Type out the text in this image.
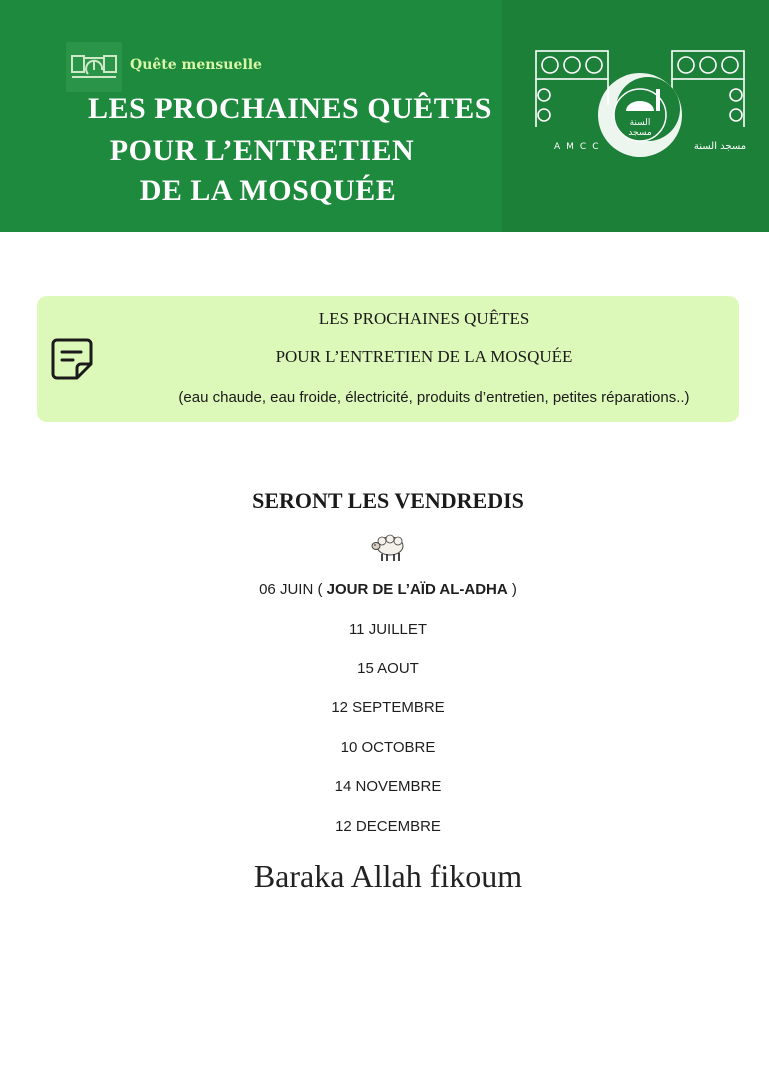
Quête mensuelle
LES PROCHAINES QUÊTES
POUR L’ENTRETIEN
DE LA MOSQUÉE
السنة
مسجد
AMCC	مسجد السنة
LES PROCHAINES QUÊTES
POUR L’ENTRETIEN DE LA MOSQUÉE
(eau chaude, eau froide, électricité, produits d’entretien, petites réparations..)
SERONT LES VENDREDIS
06 JUIN ( JOUR DE L’AÏD AL-ADHA )
11 JUILLET
15 AOUT
12 SEPTEMBRE
10 OCTOBRE
14 NOVEMBRE
12 DECEMBRE
Baraka Allah fikoum
